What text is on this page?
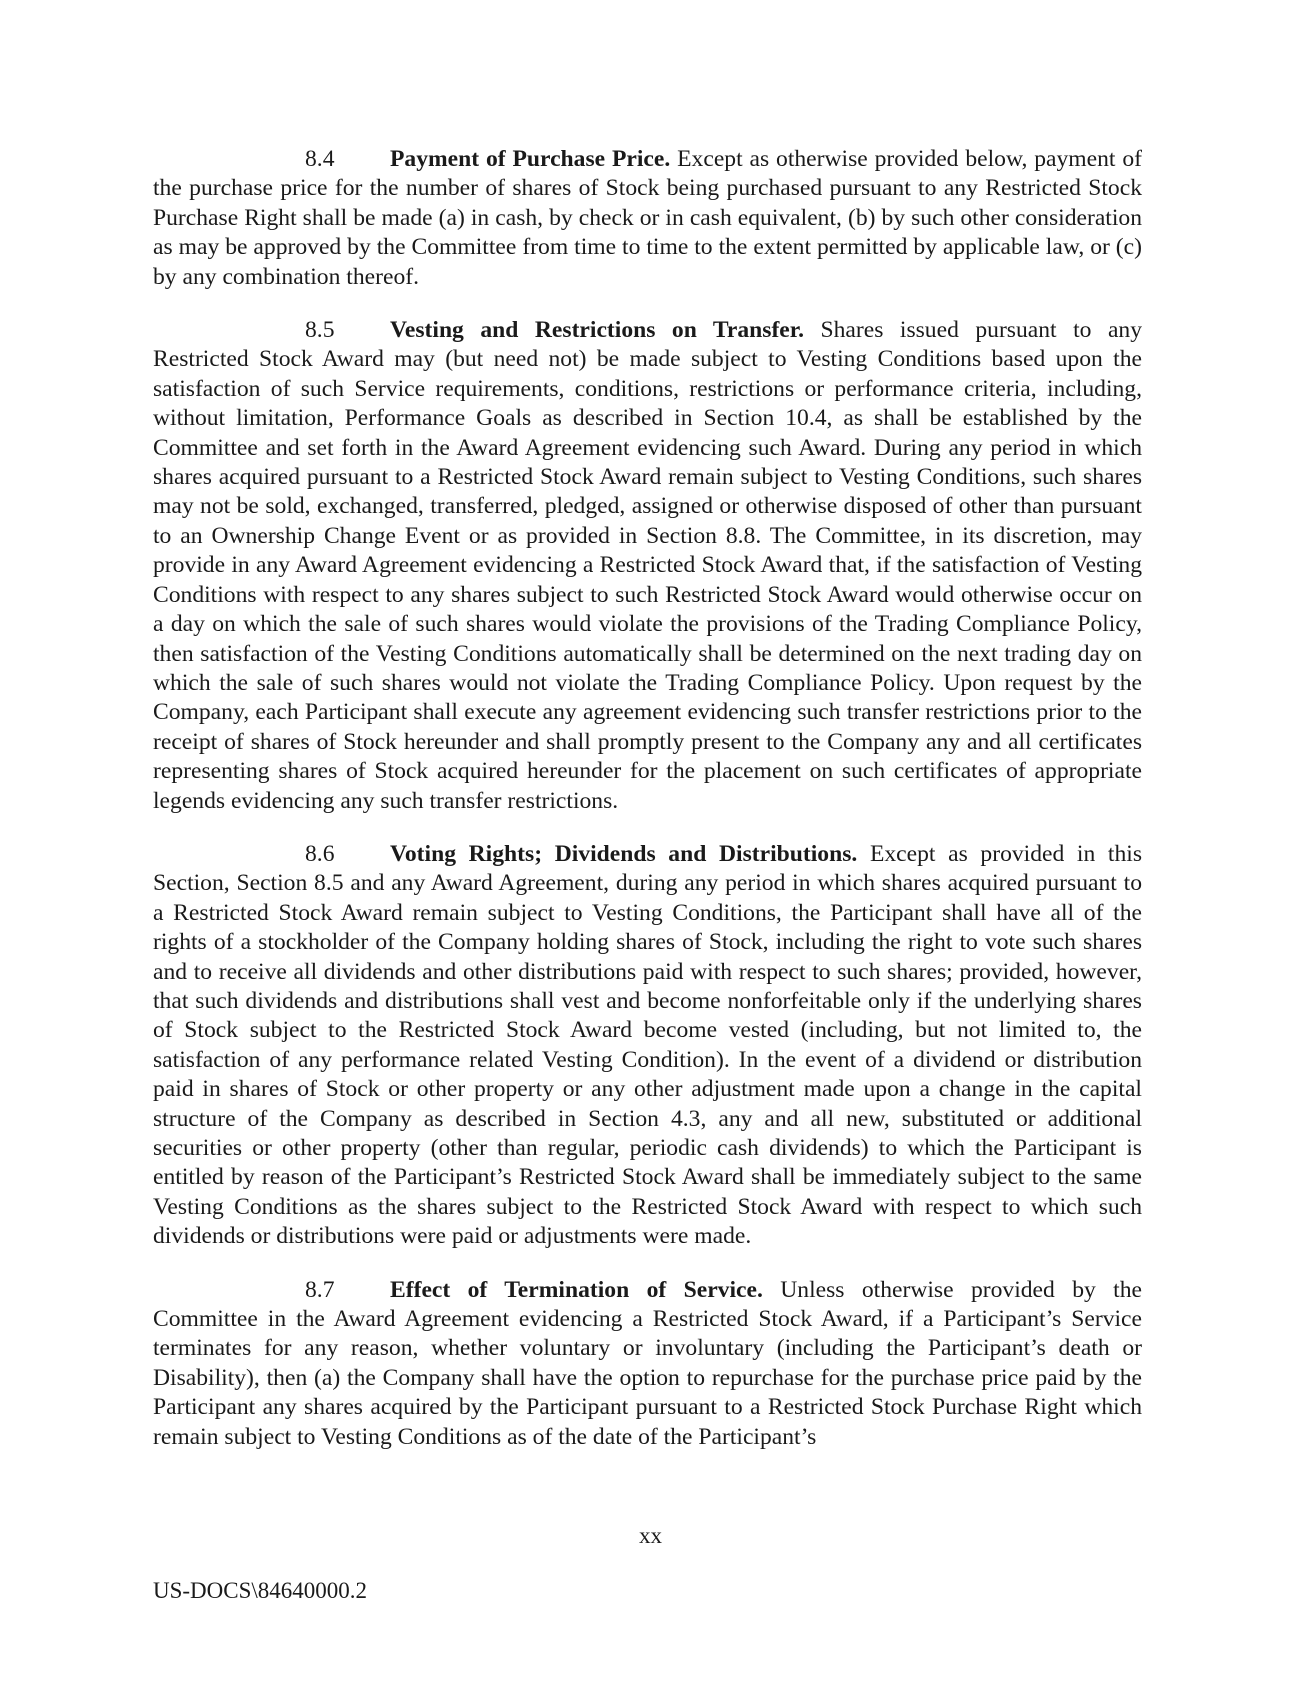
8.4 Payment of Purchase Price. Except as otherwise provided below, payment of the purchase price for the number of shares of Stock being purchased pursuant to any Restricted Stock Purchase Right shall be made (a) in cash, by check or in cash equivalent, (b) by such other consideration as may be approved by the Committee from time to time to the extent permitted by applicable law, or (c) by any combination thereof.

8.5 Vesting and Restrictions on Transfer. Shares issued pursuant to any Restricted Stock Award may (but need not) be made subject to Vesting Conditions based upon the satisfaction of such Service requirements, conditions, restrictions or performance criteria, including, without limitation, Performance Goals as described in Section 10.4, as shall be established by the Committee and set forth in the Award Agreement evidencing such Award. During any period in which shares acquired pursuant to a Restricted Stock Award remain subject to Vesting Conditions, such shares may not be sold, exchanged, transferred, pledged, assigned or otherwise disposed of other than pursuant to an Ownership Change Event or as provided in Section 8.8. The Committee, in its discretion, may provide in any Award Agreement evidencing a Restricted Stock Award that, if the satisfaction of Vesting Conditions with respect to any shares subject to such Restricted Stock Award would otherwise occur on a day on which the sale of such shares would violate the provisions of the Trading Compliance Policy, then satisfaction of the Vesting Conditions automatically shall be determined on the next trading day on which the sale of such shares would not violate the Trading Compliance Policy. Upon request by the Company, each Participant shall execute any agreement evidencing such transfer restrictions prior to the receipt of shares of Stock hereunder and shall promptly present to the Company any and all certificates representing shares of Stock acquired hereunder for the placement on such certificates of appropriate legends evidencing any such transfer restrictions.

8.6 Voting Rights; Dividends and Distributions. Except as provided in this Section, Section 8.5 and any Award Agreement, during any period in which shares acquired pursuant to a Restricted Stock Award remain subject to Vesting Conditions, the Participant shall have all of the rights of a stockholder of the Company holding shares of Stock, including the right to vote such shares and to receive all dividends and other distributions paid with respect to such shares; provided, however, that such dividends and distributions shall vest and become nonforfeitable only if the underlying shares of Stock subject to the Restricted Stock Award become vested (including, but not limited to, the satisfaction of any performance related Vesting Condition). In the event of a dividend or distribution paid in shares of Stock or other property or any other adjustment made upon a change in the capital structure of the Company as described in Section 4.3, any and all new, substituted or additional securities or other property (other than regular, periodic cash dividends) to which the Participant is entitled by reason of the Participant’s Restricted Stock Award shall be immediately subject to the same Vesting Conditions as the shares subject to the Restricted Stock Award with respect to which such dividends or distributions were paid or adjustments were made.

8.7 Effect of Termination of Service. Unless otherwise provided by the Committee in the Award Agreement evidencing a Restricted Stock Award, if a Participant’s Service terminates for any reason, whether voluntary or involuntary (including the Participant’s death or Disability), then (a) the Company shall have the option to repurchase for the purchase price paid by the Participant any shares acquired by the Participant pursuant to a Restricted Stock Purchase Right which remain subject to Vesting Conditions as of the date of the Participant’s

xx
US-DOCS\84640000.2
